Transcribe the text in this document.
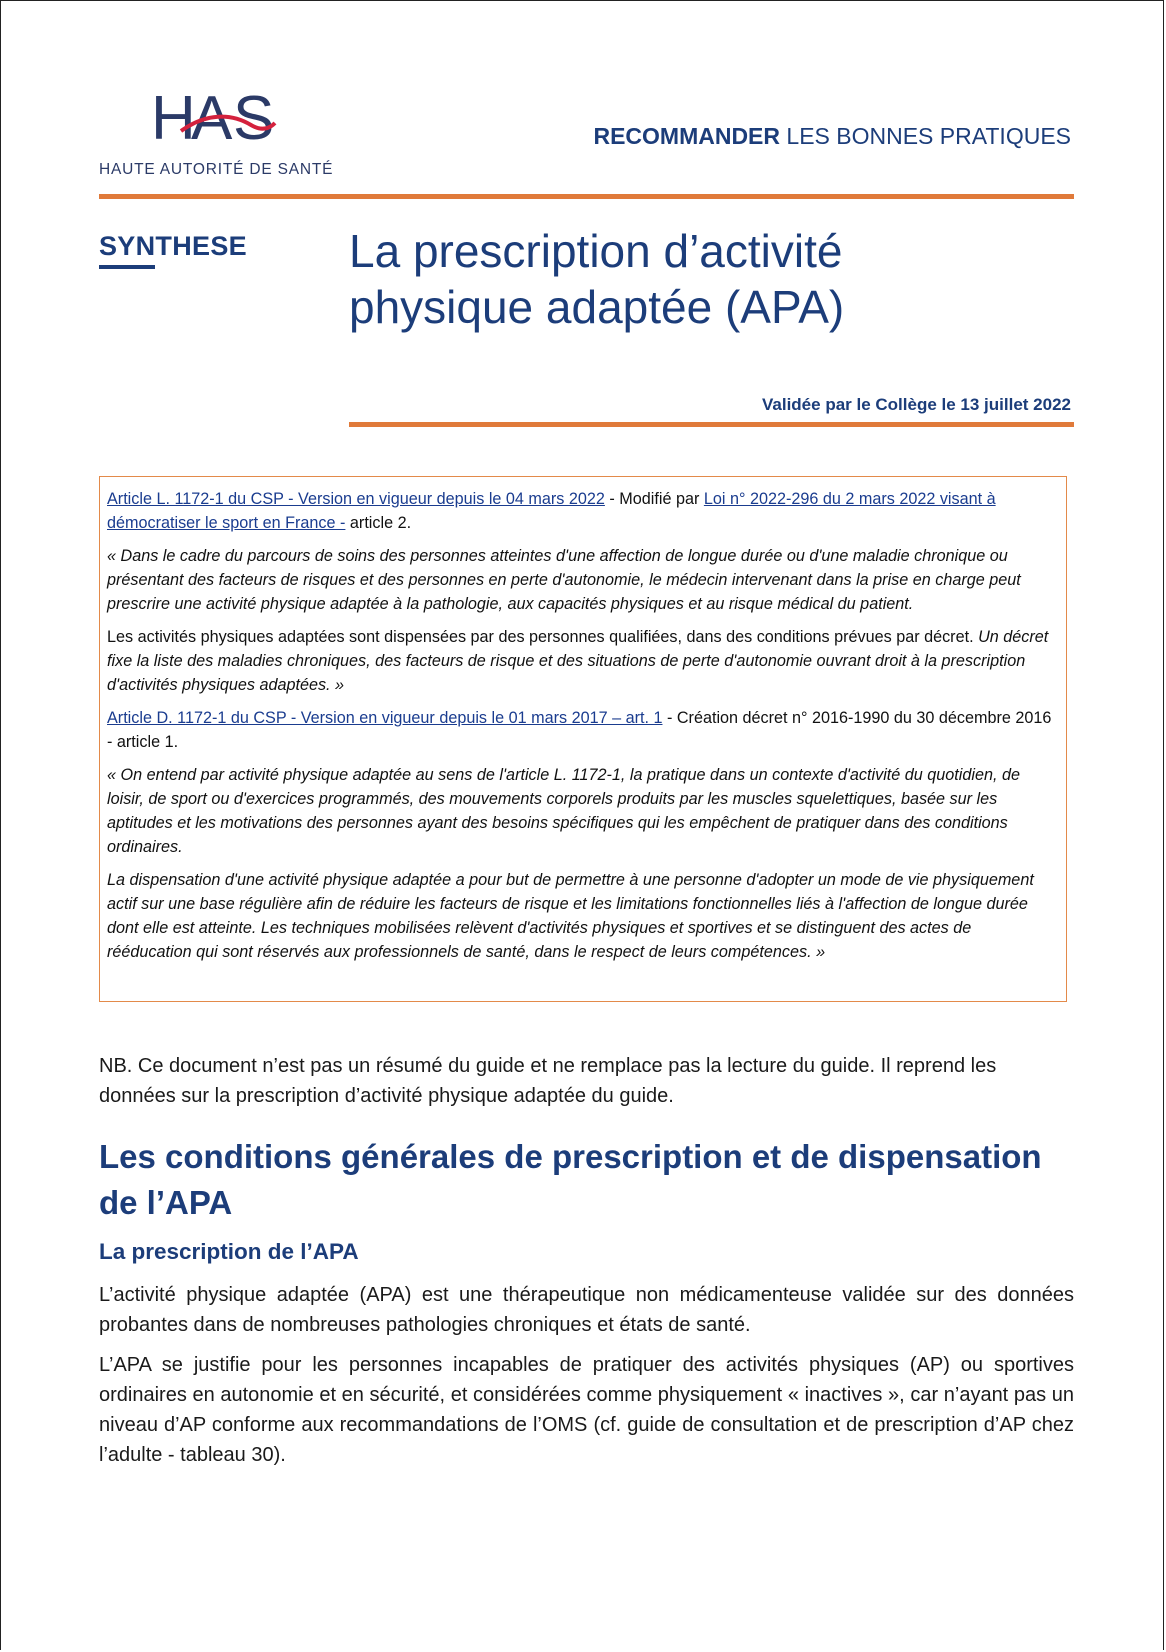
H
A S
HAUTE AUTORITÉ DE SANTÉ
RECOMMANDER LES BONNES PRATIQUES
SYNTHESE La prescription d’activité
physique adaptée (APA)
Validée par le Collège le 13 juillet 2022

Article L. 1172-1 du CSP - Version en vigueur depuis le 04 mars 2022 - Modifié par Loi n° 2022-296 du 2 mars 2022 visant à démocratiser le sport en France - article 2.

« Dans le cadre du parcours de soins des personnes atteintes d'une affection de longue durée ou d'une maladie chronique ou présentant des facteurs de risques et des personnes en perte d'autonomie, le médecin intervenant dans la prise en charge peut prescrire une activité physique adaptée à la pathologie, aux capacités physiques et au risque médical du patient.

Les activités physiques adaptées sont dispensées par des personnes qualifiées, dans des conditions prévues par décret. Un décret fixe la liste des maladies chroniques, des facteurs de risque et des situations de perte d'autonomie ouvrant droit à la prescription d'activités physiques adaptées. »

Article D. 1172-1 du CSP - Version en vigueur depuis le 01 mars 2017 – art. 1 - Création décret n° 2016-1990 du 30 décembre 2016 - article 1.

« On entend par activité physique adaptée au sens de l'article L. 1172-1, la pratique dans un contexte d'activité du quotidien, de loisir, de sport ou d'exercices programmés, des mouvements corporels produits par les muscles squelettiques, basée sur les aptitudes et les motivations des personnes ayant des besoins spécifiques qui les empêchent de pratiquer dans des conditions ordinaires.

La dispensation d'une activité physique adaptée a pour but de permettre à une personne d'adopter un mode de vie physiquement actif sur une base régulière afin de réduire les facteurs de risque et les limitations fonctionnelles liés à l'affection de longue durée dont elle est atteinte. Les techniques mobilisées relèvent d'activités physiques et sportives et se distinguent des actes de rééducation qui sont réservés aux professionnels de santé, dans le respect de leurs compétences. »

NB. Ce document n’est pas un résumé du guide et ne remplace pas la lecture du guide. Il reprend les données sur la prescription d’activité physique adaptée du guide.
Les conditions générales de prescription et de dispensation de l’APA
La prescription de l’APA
L’activité physique adaptée (APA) est une thérapeutique non médicamenteuse validée sur des données probantes dans de nombreuses pathologies chroniques et états de santé.
L’APA se justifie pour les personnes incapables de pratiquer des activités physiques (AP) ou sportives ordinaires en autonomie et en sécurité, et considérées comme physiquement « inactives », car n’ayant pas un niveau d’AP conforme aux recommandations de l’OMS (cf. guide de consultation et de prescription d’AP chez l’adulte - tableau 30).
